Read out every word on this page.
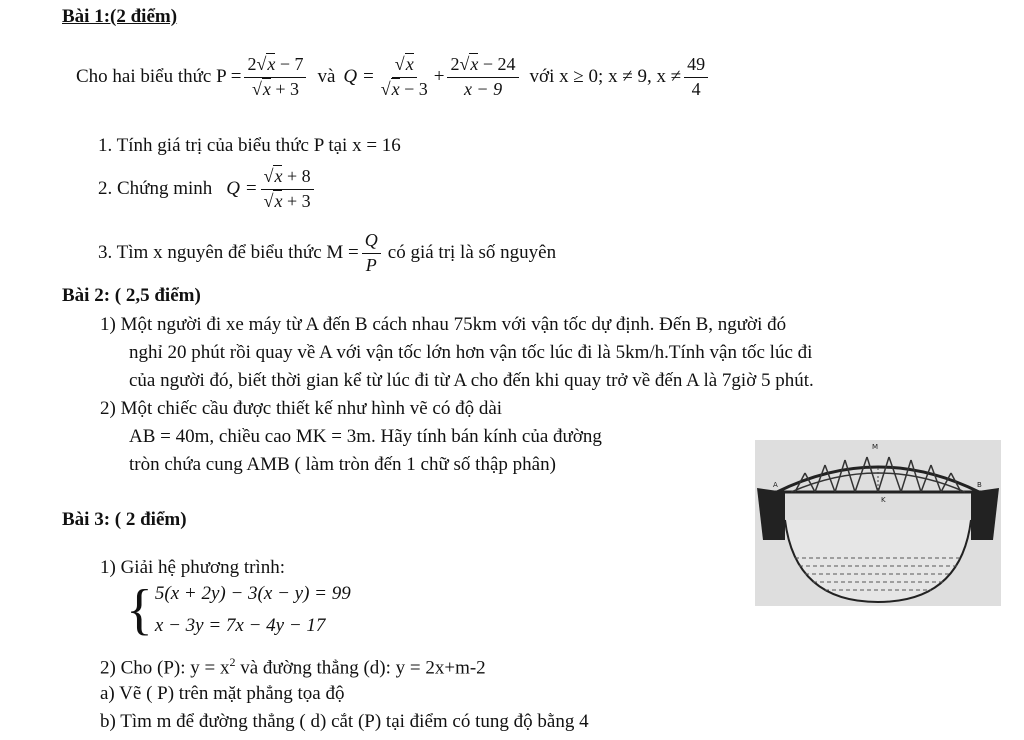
Bài 1:(2 điểm)
Cho hai biểu thức $P = \frac{2√x - 7}{√x + 3}$ và $Q = \frac{√x}{√x - 3} + \frac{2√x - 24}{x - 9}$ với x ≥ 0; x ≠ 9, $x \ne \frac{49}{4}$
1. Tính giá trị của biểu thức P tại x = 16
2. Chứng minh $Q = \frac{√x + 8}{√x + 3}$
3. Tìm x nguyên để biểu thức $M = \frac{Q}{P}$ có giá trị là số nguyên
Bài 2: ( 2,5 điểm)
1) Một người đi xe máy từ A đến B cách nhau 75km với vận tốc dự định. Đến B, người đó
nghỉ 20 phút rồi quay về A với vận tốc lớn hơn vận tốc lúc đi là 5km/h.Tính vận tốc lúc đi
của người đó, biết thời gian kể từ lúc đi từ A cho đến khi quay trở về đến A là 7giờ 5 phút.
2) Một chiếc cầu được thiết kế như hình vẽ có độ dài
AB = 40m, chiều cao MK = 3m. Hãy tính bán kính của đường
tròn chứa cung AMB ( làm tròn đến 1 chữ số thập phân)
M
A	B
K
Bài 3: ( 2 điểm)
1) Giải hệ phương trình:
{ 5(x + 2y) − 3(x − y) = 99
x − 3y = 7x − 4y − 17
2) Cho (P): $y = x^2$ và đường thẳng (d): y = 2x+m-2
a) Vẽ ( P) trên mặt phẳng tọa độ
b) Tìm m để đường thẳng ( d) cắt (P) tại điểm có tung độ bằng 4
